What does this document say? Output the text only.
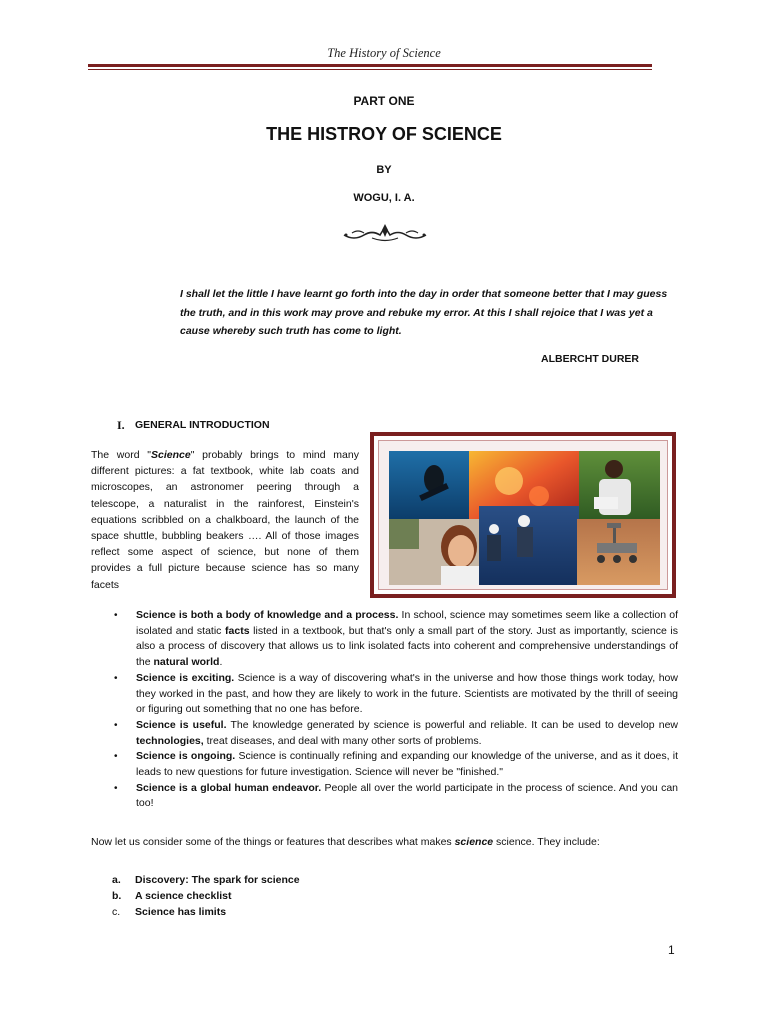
The History of Science
PART ONE
THE HISTROY OF SCIENCE
BY
WOGU, I. A.
I shall let the little I have learnt go forth into the day in order that someone better that I may guess the truth, and in this work may prove and rebuke my error. At this I shall rejoice that I was yet a cause whereby such truth has come to light.
ALBERCHT DURER
I. GENERAL INTRODUCTION
The word "Science" probably brings to mind many different pictures: a fat textbook, white lab coats and microscopes, an astronomer peering through a telescope, a naturalist in the rainforest, Einstein's equations scribbled on a chalkboard, the launch of the space shuttle, bubbling beakers …. All of those images reflect some aspect of science, but none of them provides a full picture because science has so many facets
• Science is both a body of knowledge and a process. In school, science may sometimes seem like a collection of isolated and static facts listed in a textbook, but that's only a small part of the story. Just as importantly, science is also a process of discovery that allows us to link isolated facts into coherent and comprehensive understandings of the natural world.
• Science is exciting. Science is a way of discovering what's in the universe and how those things work today, how they worked in the past, and how they are likely to work in the future. Scientists are motivated by the thrill of seeing or figuring out something that no one has before.
• Science is useful. The knowledge generated by science is powerful and reliable. It can be used to develop new technologies, treat diseases, and deal with many other sorts of problems.
• Science is ongoing. Science is continually refining and expanding our knowledge of the universe, and as it does, it leads to new questions for future investigation. Science will never be "finished."
• Science is a global human endeavor. People all over the world participate in the process of science. And you can too!
Now let us consider some of the things or features that describes what makes science science. They include:
a. Discovery: The spark for science
b. A science checklist
c. Science has limits
1
